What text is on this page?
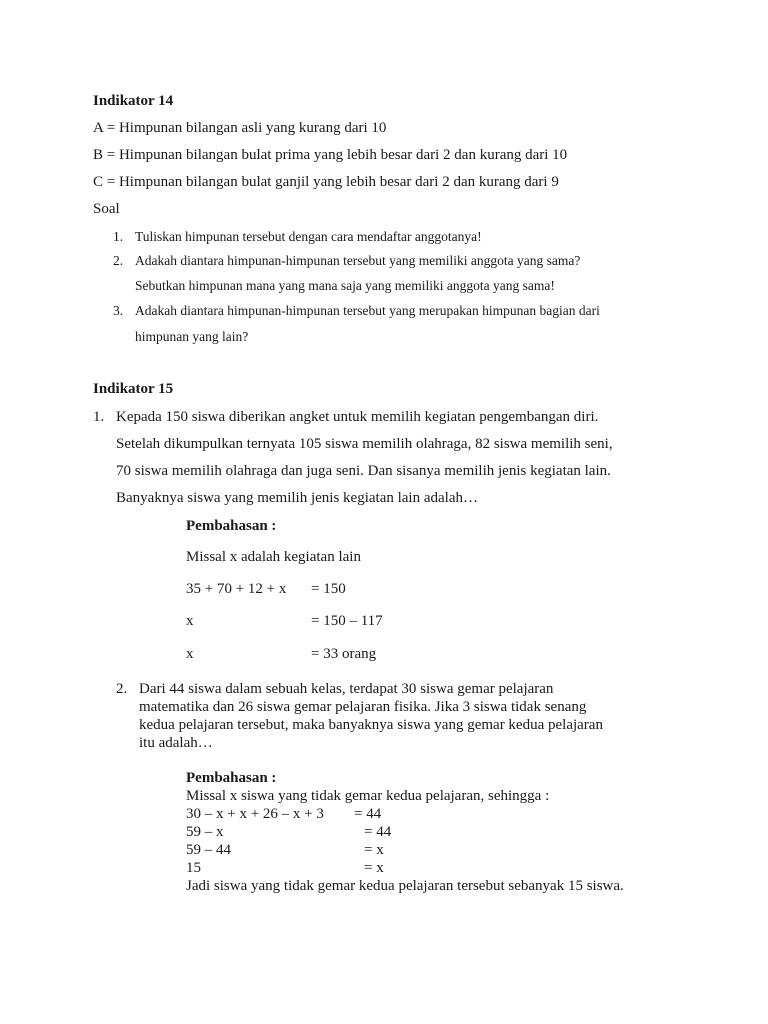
Indikator 14
A = Himpunan bilangan asli yang kurang dari 10
B = Himpunan bilangan bulat prima yang lebih besar dari 2 dan kurang dari 10
C = Himpunan bilangan bulat ganjil yang lebih besar dari 2 dan kurang dari 9
Soal
1. Tuliskan himpunan tersebut dengan cara mendaftar anggotanya!
2. Adakah diantara himpunan-himpunan tersebut yang memiliki anggota yang sama?
Sebutkan himpunan mana yang mana saja yang memiliki anggota yang sama!
3. Adakah diantara himpunan-himpunan tersebut yang merupakan himpunan bagian dari
himpunan yang lain?
Indikator 15
1. Kepada 150 siswa diberikan angket untuk memilih kegiatan pengembangan diri.
Setelah dikumpulkan ternyata 105 siswa memilih olahraga, 82 siswa memilih seni,
70 siswa memilih olahraga dan juga seni. Dan sisanya memilih jenis kegiatan lain.
Banyaknya siswa yang memilih jenis kegiatan lain adalah…
Pembahasan :
Missal x adalah kegiatan lain
35 + 70 + 12 + x = 150
x	= 150 – 117
x	= 33 orang
2. Dari 44 siswa dalam sebuah kelas, terdapat 30 siswa gemar pelajaran
matematika dan 26 siswa gemar pelajaran fisika. Jika 3 siswa tidak senang
kedua pelajaran tersebut, maka banyaknya siswa yang gemar kedua pelajaran
itu adalah…
Pembahasan :
Missal x siswa yang tidak gemar kedua pelajaran, sehingga :
30 – x + x + 26 – x + 3 = 44
59 – x	= 44
59 – 44	= x
15	= x
Jadi siswa yang tidak gemar kedua pelajaran tersebut sebanyak 15 siswa.
